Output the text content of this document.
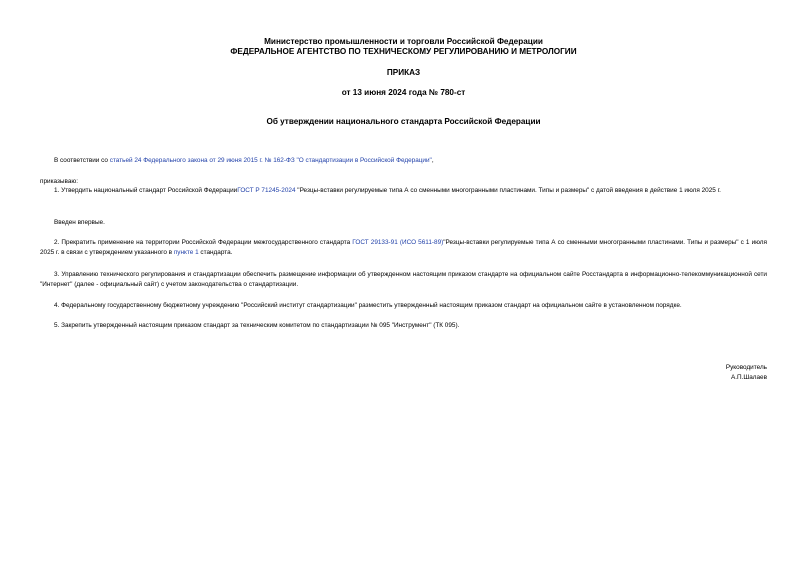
Министерство промышленности и торговли Российской Федерации
ФЕДЕРАЛЬНОЕ АГЕНТСТВО ПО ТЕХНИЧЕСКОМУ РЕГУЛИРОВАНИЮ И МЕТРОЛОГИИ
ПРИКАЗ
от 13 июня 2024 года № 780-ст
Об утверждении национального стандарта Российской Федерации
В соответствии со статьей 24 Федерального закона от 29 июня 2015 г. № 162-ФЗ "О стандартизации в Российской Федерации",
приказываю:
1. Утвердить национальный стандарт Российской ФедерацииГОСТ Р 71245-2024 "Резцы-вставки регулируемые типа А со сменными многогранными пластинами. Типы и размеры" с датой введения в действие 1 июля 2025 г.
Введен впервые.
2. Прекратить применение на территории Российской Федерации межгосударственного стандарта ГОСТ 29133-91 (ИСО 5611-89)"Резцы-вставки регулируемые типа А со сменными многогранными пластинами. Типы и размеры" с 1 июля 2025 г. в связи с утверждением указанного в пункте 1 стандарта.
3. Управлению технического регулирования и стандартизации обеспечить размещение информации об утвержденном настоящим приказом стандарте на официальном сайте Росстандарта в информационно-телекоммуникационной сети "Интернет" (далее - официальный сайт) с учетом законодательства о стандартизации.
4. Федеральному государственному бюджетному учреждению "Российский институт стандартизации" разместить утвержденный настоящим приказом стандарт на официальном сайте в установленном порядке.
5. Закрепить утвержденный настоящим приказом стандарт за техническим комитетом по стандартизации № 095 "Инструмент" (ТК 095).
Руководитель
А.П.Шалаев
